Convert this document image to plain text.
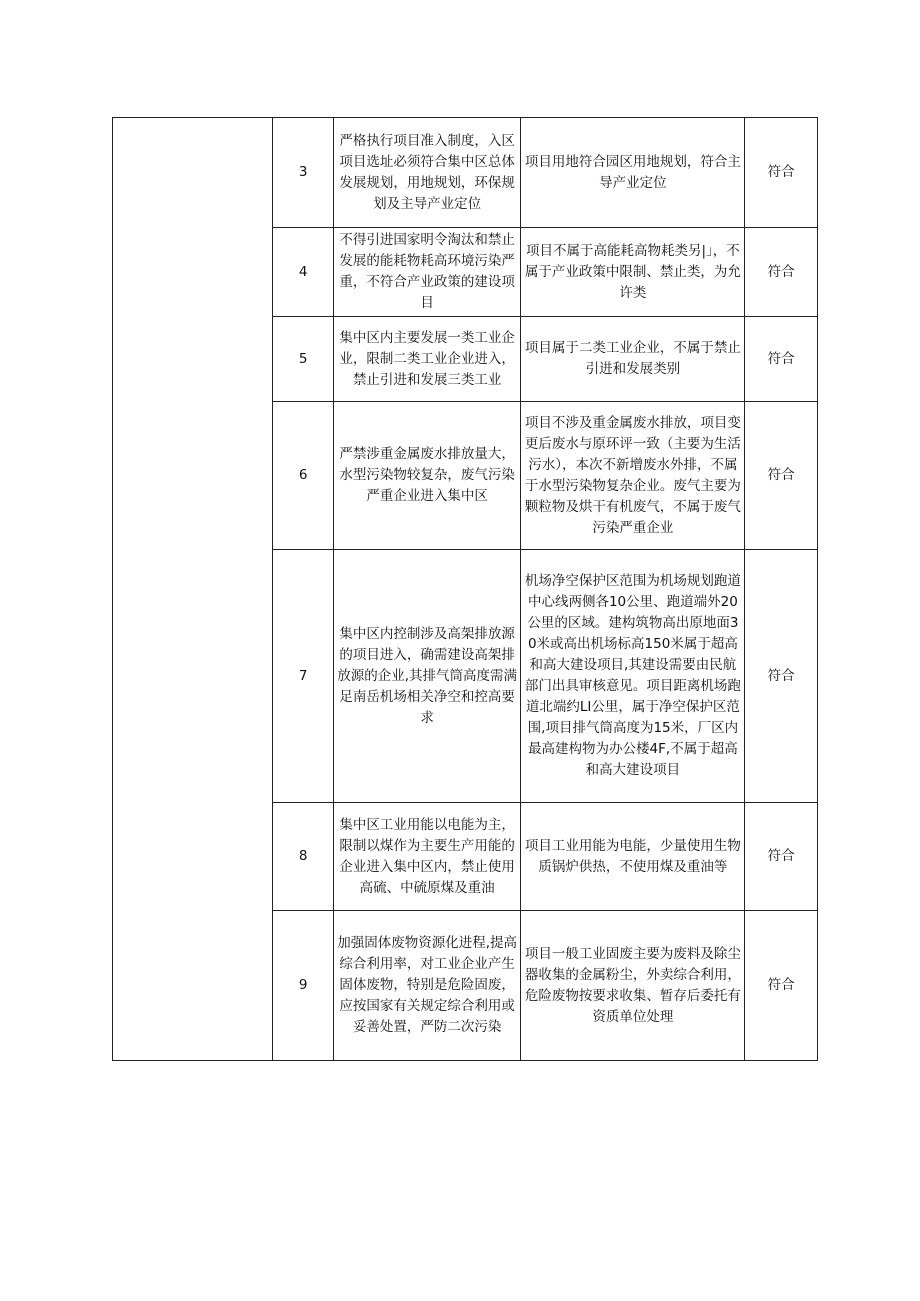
	3	严格执行项目准入制度，入区项目选址必须符合集中区总体发展规划，用地规划，环保规划及主导产业定位	项目用地符合园区用地规划，符合主导产业定位	符合
	4	不得引进国家明令淘汰和禁止发展的能耗物耗高环境污染严重，不符合产业政策的建设项目	项目不属于高能耗高物耗类另|」，不属于产业政策中限制、禁止类，为允许类	符合
	5	集中区内主要发展一类工业企业，限制二类工业企业进入，禁止引进和发展三类工业	项目属于二类工业企业，不属于禁止引进和发展类别	符合
	6	严禁涉重金属废水排放量大，水型污染物较复杂，废气污染严重企业进入集中区	项目不涉及重金属废水排放，项目变更后废水与原环评一致（主要为生活污水），本次不新增废水外排，不属于水型污染物复杂企业。废气主要为颗粒物及烘干有机废气，不属于废气污染严重企业	符合
	7	集中区内控制涉及高架排放源的项目进入，确需建设高架排放源的企业,其排气筒高度需满足南岳机场相关净空和控高要求	机场净空保护区范围为机场规划跑道中心线两侧各10公里、跑道端外20公里的区域。建构筑物高出原地面30米或高出机场标高150米属于超高和高大建设项目,其建设需要由民航部门出具审核意见。项目距离机场跑道北端约LI公里，属于净空保护区范围,项目排气筒高度为15米，厂区内最高建构物为办公楼4F,不属于超高和高大建设项目	符合
	8	集中区工业用能以电能为主，限制以煤作为主要生产用能的企业进入集中区内，禁止使用高硫、中硫原煤及重油	项目工业用能为电能，少量使用生物质锅炉供热，不使用煤及重油等	符合
	9	加强固体废物资源化进程,提高综合利用率，对工业企业产生固体废物，特别是危险固废，应按国家有关规定综合利用或妥善处置，严防二次污染	项目一般工业固废主要为废料及除尘器收集的金属粉尘，外卖综合利用，危险废物按要求收集、暂存后委托有资质单位处理	符合
